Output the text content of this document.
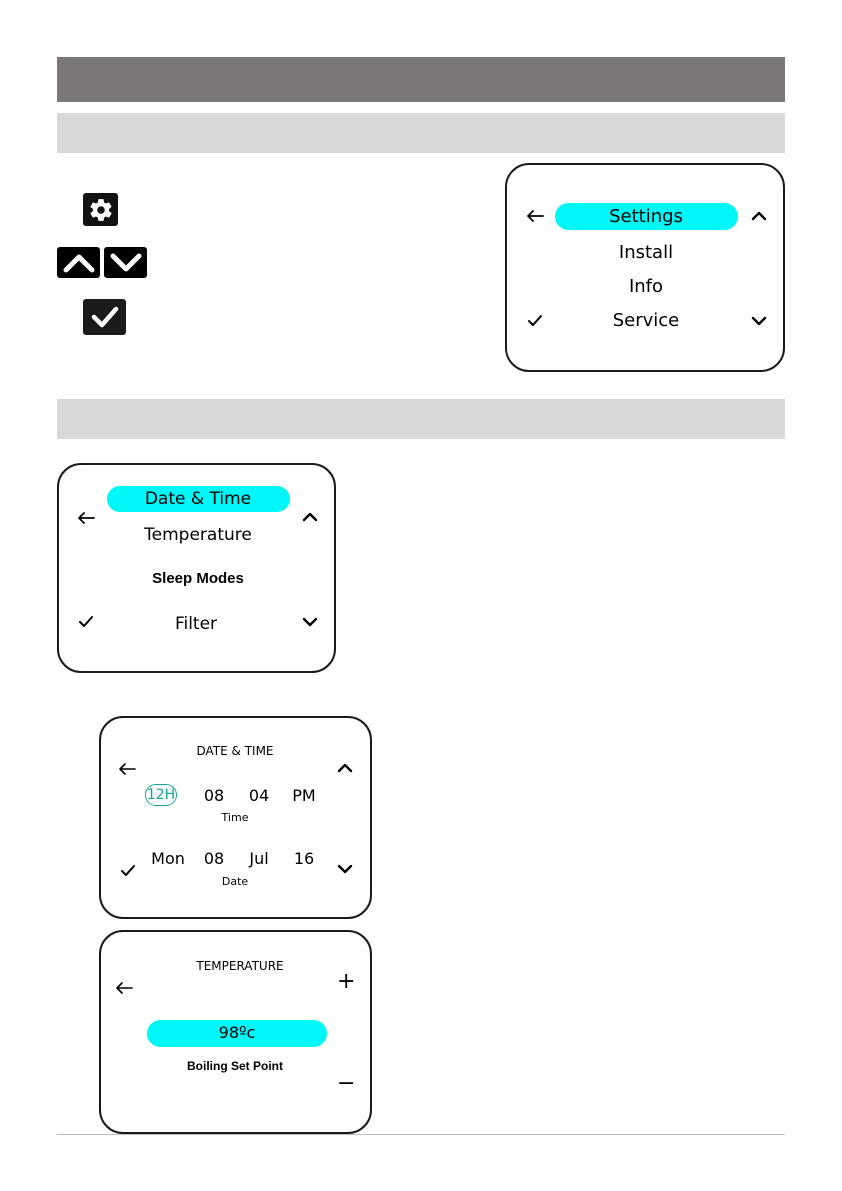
Settings
Install
Info
Service
Date & Time
Temperature
Sleep Modes
Filter
DATE & TIME
12H 08 04 PM
Time
Mon 08 Jul 16
Date
TEMPERATURE
+
98ºc
Boiling Set Point
−
